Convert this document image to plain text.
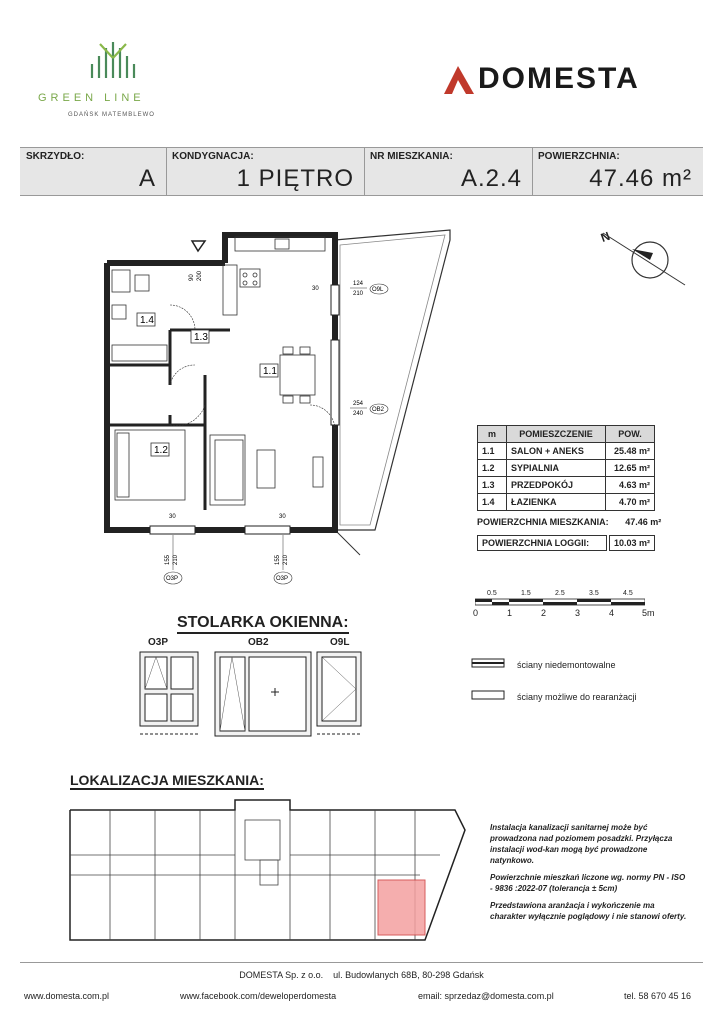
GREEN LINE
GDAŃSK MATEMBLEWO
DOMESTA
SKRZYDŁO:
A
KONDYGNACJA:
1 PIĘTRO
NR MIESZKANIA:
A.2.4
POWIERZCHNIA:
47.46 m²
1.1
1.2
1.3
1.4
30
124
210
O9L
254
240
OB2
30	30
155 210	155 210
90 200
O3P	O3P
N
m	POMIESZCZENIE	POW.
1.1	SALON + ANEKS	25.48 m²
1.2	SYPIALNIA	12.65 m²
1.3	PRZEDPOKÓJ	4.63 m²
1.4	ŁAZIENKA	4.70 m²
POWIERZCHNIA MIESZKANIA: 47.46 m²
POWIERZCHNIA LOGGII:	10.03 m²
0.5	1.5	2.5	3.5	4.5
0	1	2	3	4	5m
STOLARKA OKIENNA:
O3P	OB2	O9L
ściany niedemontowalne
ściany możliwe do rearanżacji
LOKALIZACJA MIESZKANIA:

Instalacja kanalizacji sanitarnej może być prowadzona nad poziomem posadzki. Przyłącza instalacji wod-kan mogą być prowadzone natynkowo.

Powierzchnie mieszkań liczone wg. normy PN - ISO - 9836 :2022-07 (tolerancja ± 5cm)

Przedstawiona aranżacja i wykończenie ma charakter wyłącznie poglądowy i nie stanowi oferty.

DOMESTA Sp. z o.o. ul. Budowlanych 68B, 80-298 Gdańsk
www.domesta.com.pl	www.facebook.com/deweloperdomesta	email: sprzedaz@domesta.com.pl	tel. 58 670 45 16
